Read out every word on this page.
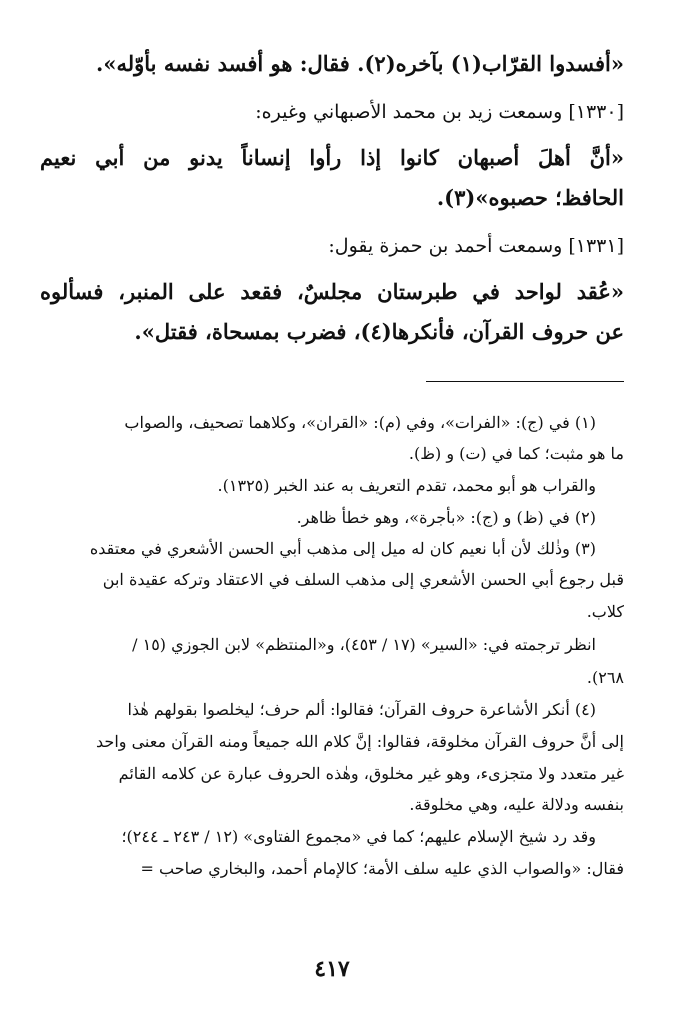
«أفسدوا القرّاب(١) بآخره(٢). فقال: هو أفسد نفسه بأوّله».
[١٣٣٠] وسمعت زيد بن محمد الأصبهاني وغيره:
«أنَّ أهلَ أصبهان كانوا إذا رأوا إنساناً يدنو من أبي نعيم
الحافظ؛ حصبوه»(٣).
[١٣٣١] وسمعت أحمد بن حمزة يقول:
«عُقد لواحد في طبرستان مجلسٌ، فقعد على المنبر، فسألوه
عن حروف القرآن، فأنكرها(٤)، فضرب بمسحاة، فقتل».
(١) في (ج): «الفرات»، وفي (م): «القران»، وكلاهما تصحيف، والصواب
ما هو مثبت؛ كما في (ت) و (ظ).
والقراب هو أبو محمد، تقدم التعريف به عند الخبر (١٣٢٥).
(٢) في (ظ) و (ج): «بأجرة»، وهو خطأ ظاهر.
(٣) وذٰلك لأن أبا نعيم كان له ميل إلى مذهب أبي الحسن الأشعري في معتقده
قبل رجوع أبي الحسن الأشعري إلى مذهب السلف في الاعتقاد وتركه عقيدة ابن
كلاب.
انظر ترجمته في: «السير» (١٧ / ٤٥٣)، و«المنتظم» لابن الجوزي (١٥ /
٢٦٨).
(٤) أنكر الأشاعرة حروف القرآن؛ فقالوا: ألم حرف؛ ليخلصوا بقولهم هٰذا
إلى أنَّ حروف القرآن مخلوقة، فقالوا: إنَّ كلام الله جميعاً ومنه القرآن معنى واحد
غير متعدد ولا متجزىء، وهو غير مخلوق، وهٰذه الحروف عبارة عن كلامه القائم
بنفسه ودلالة عليه، وهي مخلوقة.
وقد رد شيخ الإسلام عليهم؛ كما في «مجموع الفتاوى» (١٢ / ٢٤٣ ـ ٢٤٤)؛
فقال: «والصواب الذي عليه سلف الأمة؛ كالإمام أحمد، والبخاري صاحب =
٤١٧
